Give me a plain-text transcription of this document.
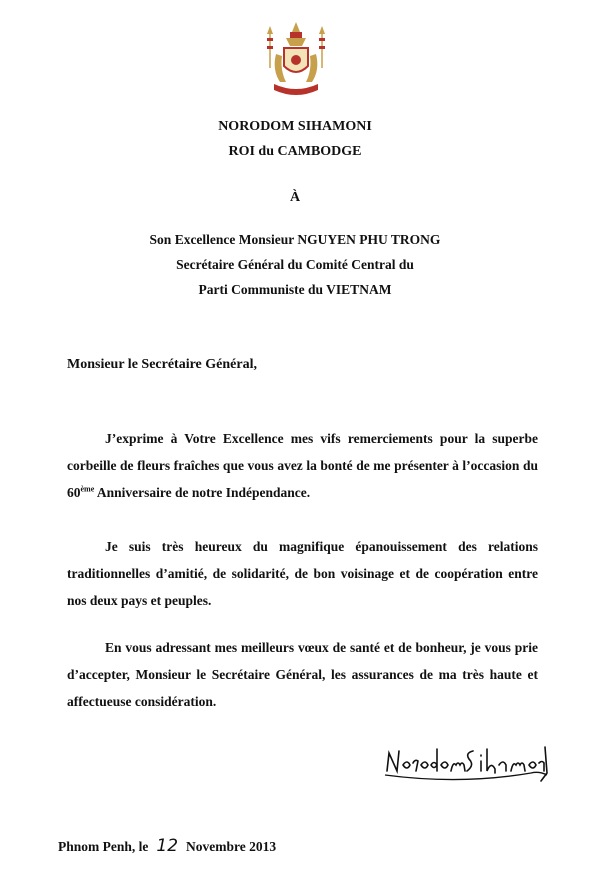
NORODOM SIHAMONI
ROI du CAMBODGE
À
Son Excellence Monsieur NGUYEN PHU TRONG
Secrétaire Général du Comité Central du
Parti Communiste du VIETNAM
Monsieur le Secrétaire Général,

J’exprime à Votre Excellence mes vifs remerciements pour la superbe corbeille de fleurs fraîches que vous avez la bonté de me présenter à l’occasion du 60ème Anniversaire de notre Indépendance.

Je suis très heureux du magnifique épanouissement des relations traditionnelles d’amitié, de solidarité, de bon voisinage et de coopération entre nos deux pays et peuples.

En vous adressant mes meilleurs vœux de santé et de bonheur, je vous prie d’accepter, Monsieur le Secrétaire Général, les assurances de ma très haute et affectueuse considération.

Phnom Penh, le 12 Novembre 2013
